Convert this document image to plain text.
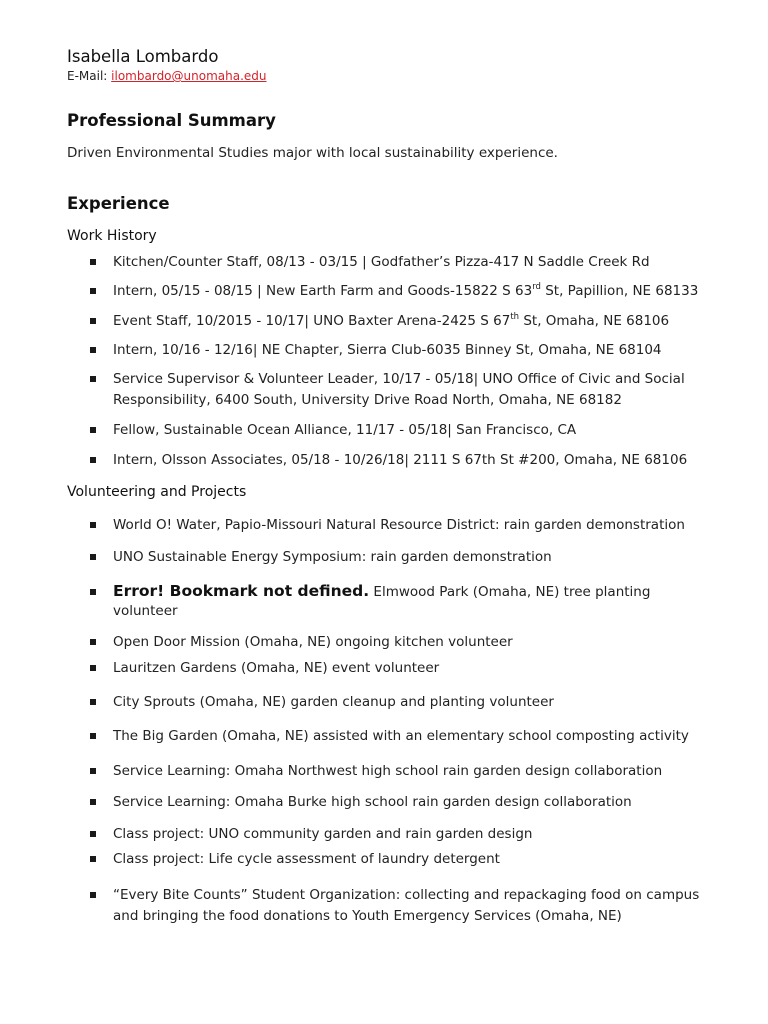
Isabella Lombardo
E-Mail: ilombardo@unomaha.edu
Professional Summary
Driven Environmental Studies major with local sustainability experience.
Experience
Work History
Kitchen/Counter Staff, 08/13 - 03/15 | Godfather’s Pizza-417 N Saddle Creek Rd
Intern, 05/15 - 08/15 | New Earth Farm and Goods-15822 S 63rd St, Papillion, NE 68133
Event Staff, 10/2015 - 10/17| UNO Baxter Arena-2425 S 67th St, Omaha, NE 68106
Intern, 10/16 - 12/16| NE Chapter, Sierra Club-6035 Binney St, Omaha, NE 68104
Service Supervisor & Volunteer Leader, 10/17 - 05/18| UNO Office of Civic and Social
Responsibility, 6400 South, University Drive Road North, Omaha, NE 68182
Fellow, Sustainable Ocean Alliance, 11/17 - 05/18| San Francisco, CA
Intern, Olsson Associates, 05/18 - 10/26/18| 2111 S 67th St #200, Omaha, NE 68106
Volunteering and Projects
World O! Water, Papio-Missouri Natural Resource District: rain garden demonstration
UNO Sustainable Energy Symposium: rain garden demonstration
Error! Bookmark not defined. Elmwood Park (Omaha, NE) tree planting
volunteer
Open Door Mission (Omaha, NE) ongoing kitchen volunteer
Lauritzen Gardens (Omaha, NE) event volunteer
City Sprouts (Omaha, NE) garden cleanup and planting volunteer
The Big Garden (Omaha, NE) assisted with an elementary school composting activity
Service Learning: Omaha Northwest high school rain garden design collaboration
Service Learning: Omaha Burke high school rain garden design collaboration
Class project: UNO community garden and rain garden design
Class project: Life cycle assessment of laundry detergent
“Every Bite Counts” Student Organization: collecting and repackaging food on campus
and bringing the food donations to Youth Emergency Services (Omaha, NE)
